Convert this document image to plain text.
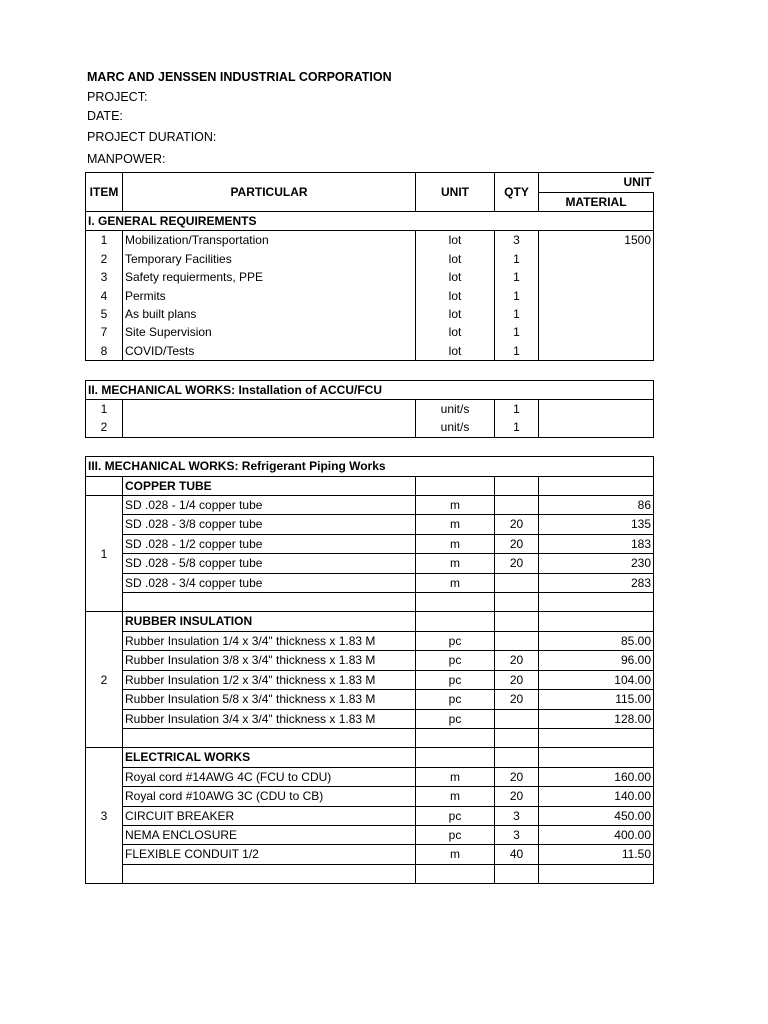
MARC AND JENSSEN INDUSTRIAL CORPORATION
PROJECT:
DATE:
PROJECT DURATION:
MANPOWER:
ITEM	PARTICULAR	UNIT	QTY	UNIT
				MATERIAL
I. GENERAL REQUIREMENTS				
1	Mobilization/Transportation	lot	3	1500
2	Temporary Facilities	lot	1	
3	Safety requierments, PPE	lot	1	
4	Permits	lot	1	
5	As built plans	lot	1	
7	Site Supervision	lot	1	
8	COVID/Tests	lot	1	

II. MECHANICAL WORKS: Installation of ACCU/FCU				
1		unit/s	1	
2		unit/s	1	

III. MECHANICAL WORKS: Refrigerant Piping Works				
	COPPER TUBE			
1	SD .028 - 1/4 copper tube	m		86
	SD .028 - 3/8 copper tube	m	20	135
	SD .028 - 1/2 copper tube	m	20	183
	SD .028 - 5/8 copper tube	m	20	230
	SD .028 - 3/4 copper tube	m		283

2	RUBBER INSULATION			
	Rubber Insulation 1/4 x 3/4" thickness x 1.83 M	pc		85.00
	Rubber Insulation 3/8 x 3/4" thickness x 1.83 M	pc	20	96.00
	Rubber Insulation 1/2 x 3/4" thickness x 1.83 M	pc	20	104.00
	Rubber Insulation 5/8 x 3/4" thickness x 1.83 M	pc	20	115.00
	Rubber Insulation 3/4 x 3/4" thickness x 1.83 M	pc		128.00

3	ELECTRICAL WORKS			
	Royal cord #14AWG 4C (FCU to CDU)	m	20	160.00
	Royal cord #10AWG 3C (CDU to CB)	m	20	140.00
	CIRCUIT BREAKER	pc	3	450.00
	NEMA ENCLOSURE	pc	3	400.00
	FLEXIBLE CONDUIT 1/2	m	40	11.50
